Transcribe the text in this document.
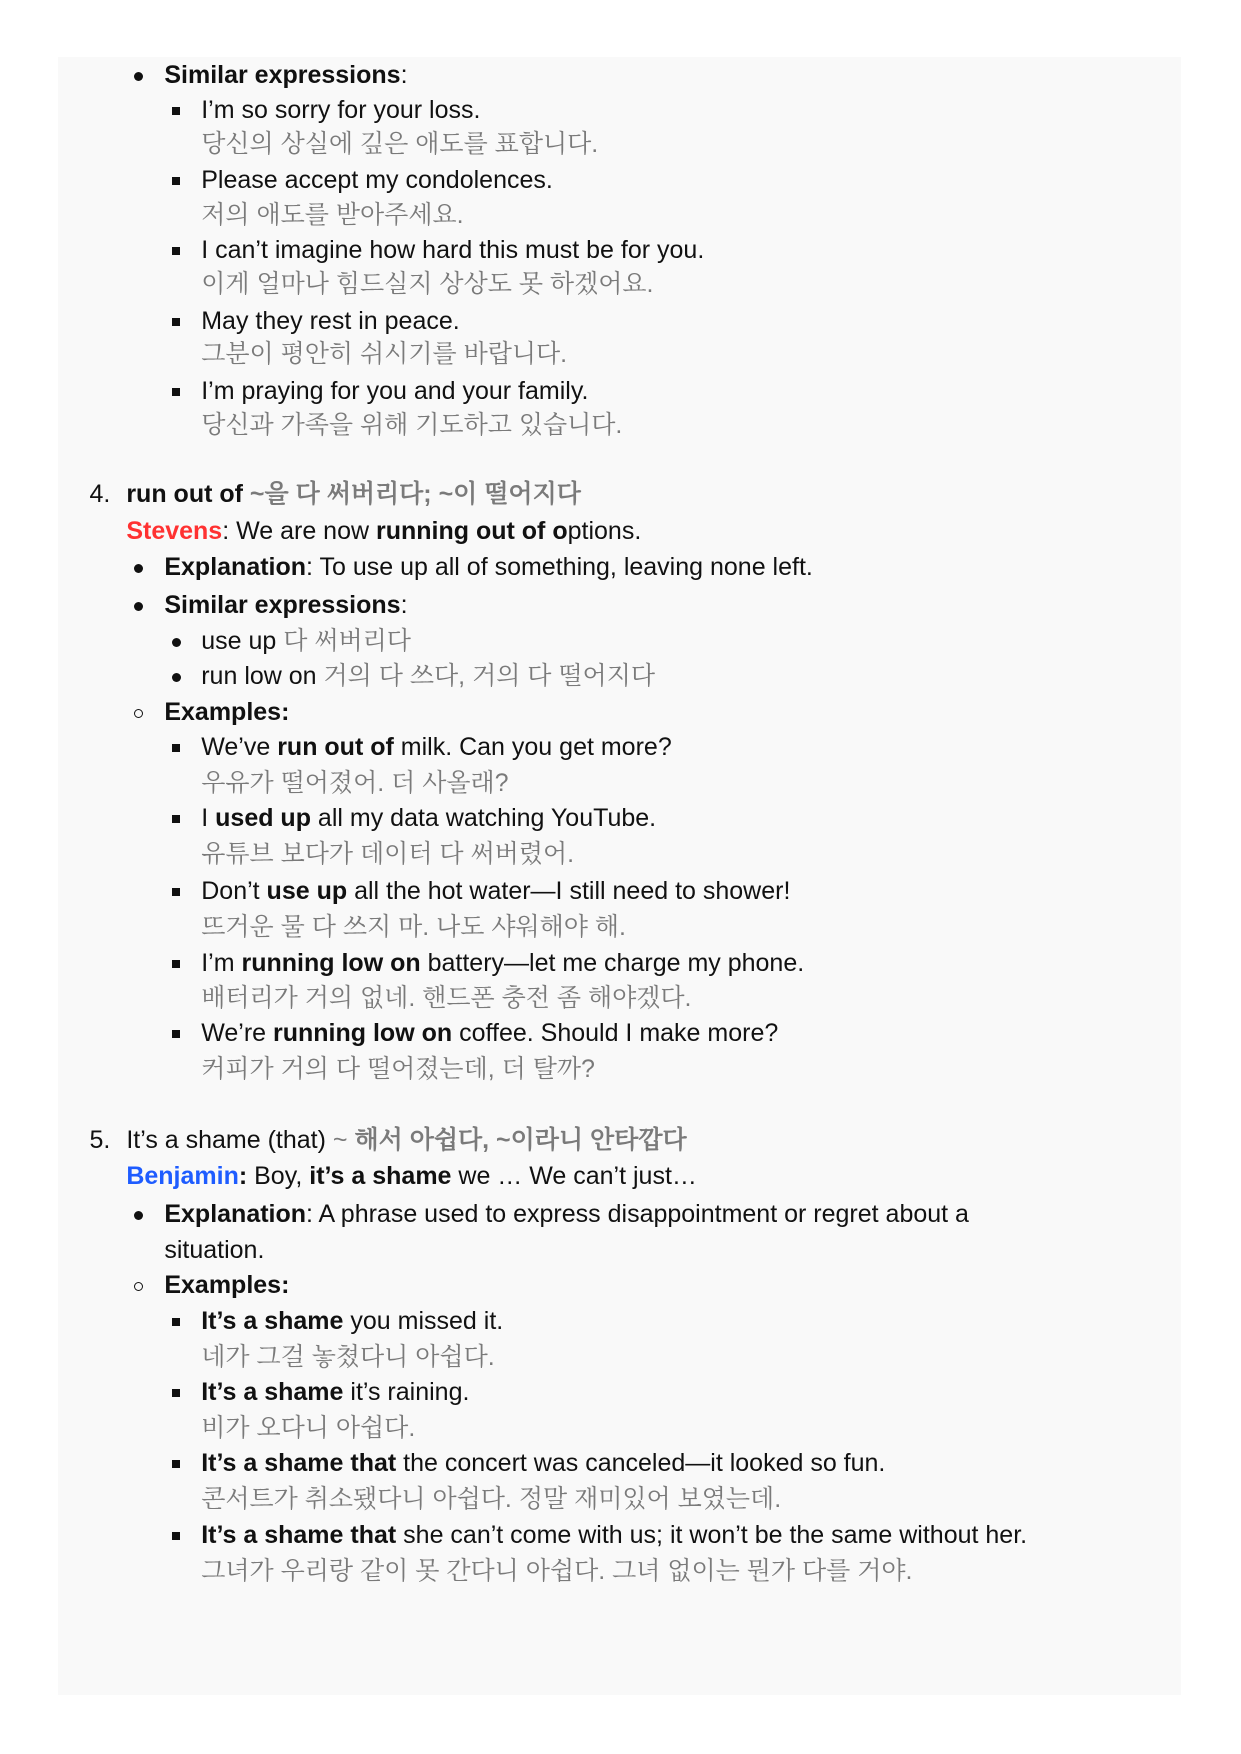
Similar expressions:
I’m so sorry for your loss.
당신의 상실에 깊은 애도를 표합니다.
Please accept my condolences.
저의 애도를 받아주세요.
I can’t imagine how hard this must be for you.
이게 얼마나 힘드실지 상상도 못 하겠어요.
May they rest in peace.
그분이 평안히 쉬시기를 바랍니다.
I’m praying for you and your family.
당신과 가족을 위해 기도하고 있습니다.
4. run out of ~을 다 써버리다; ~이 떨어지다
Stevens: We are now running out of options.
Explanation: To use up all of something, leaving none left.
Similar expressions:
use up 다 써버리다
run low on 거의 다 쓰다, 거의 다 떨어지다
Examples:
We’ve run out of milk. Can you get more?
우유가 떨어졌어. 더 사올래?
I used up all my data watching YouTube.
유튜브 보다가 데이터 다 써버렸어.
Don’t use up all the hot water—I still need to shower!
뜨거운 물 다 쓰지 마. 나도 샤워해야 해.
I’m running low on battery—let me charge my phone.
배터리가 거의 없네. 핸드폰 충전 좀 해야겠다.
We’re running low on coffee. Should I make more?
커피가 거의 다 떨어졌는데, 더 탈까?
5. It’s a shame (that) ~ 해서 아쉽다, ~이라니 안타깝다
Benjamin: Boy, it’s a shame we … We can’t just…
Explanation: A phrase used to express disappointment or regret about a
situation.
Examples:
It’s a shame you missed it.
네가 그걸 놓쳤다니 아쉽다.
It’s a shame it’s raining.
비가 오다니 아쉽다.
It’s a shame that the concert was canceled—it looked so fun.
콘서트가 취소됐다니 아쉽다. 정말 재미있어 보였는데.
It’s a shame that she can’t come with us; it won’t be the same without her.
그녀가 우리랑 같이 못 간다니 아쉽다. 그녀 없이는 뭔가 다를 거야.
